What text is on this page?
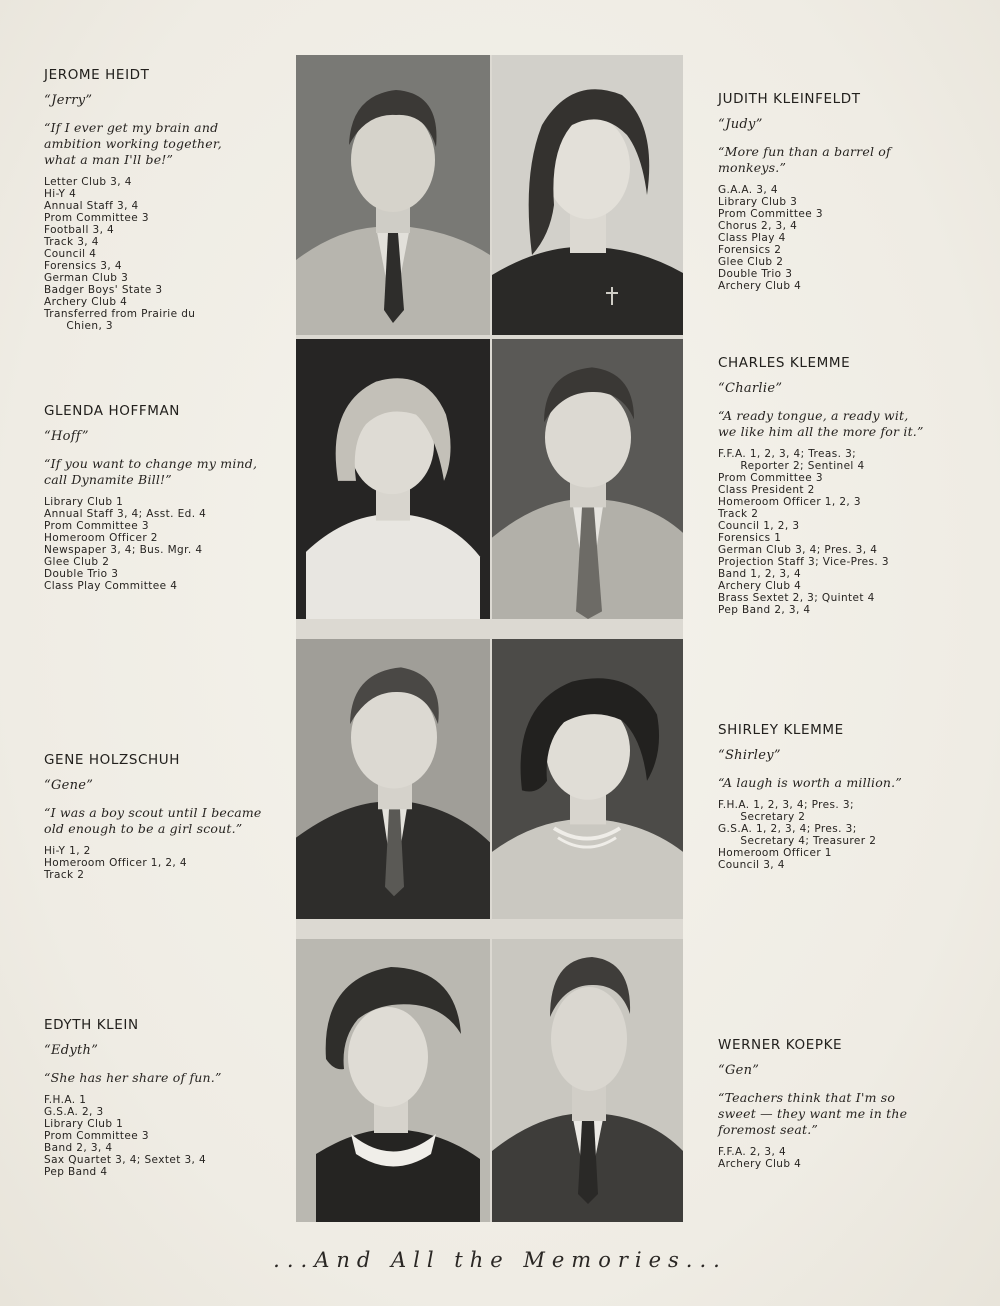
JEROME HEIDT
“Jerry”
“If I ever get my brain and
ambition working together,
what a man I'll be!”
Letter Club 3, 4
Hi-Y 4
Annual Staff 3, 4
Prom Committee 3
Football 3, 4
Track 3, 4
Council 4
Forensics 3, 4
German Club 3
Badger Boys' State 3
Archery Club 4
Transferred from Prairie du
Chien, 3
GLENDA HOFFMAN
“Hoff”
“If you want to change my mind,
call Dynamite Bill!”
Library Club 1
Annual Staff 3, 4; Asst. Ed. 4
Prom Committee 3
Homeroom Officer 2
Newspaper 3, 4; Bus. Mgr. 4
Glee Club 2
Double Trio 3
Class Play Committee 4
GENE HOLZSCHUH
“Gene”
“I was a boy scout until I became
old enough to be a girl scout.”
Hi-Y 1, 2
Homeroom Officer 1, 2, 4
Track 2
EDYTH KLEIN
“Edyth”
“She has her share of fun.”
F.H.A. 1
G.S.A. 2, 3
Library Club 1
Prom Committee 3
Band 2, 3, 4
Sax Quartet 3, 4; Sextet 3, 4
Pep Band 4
JUDITH KLEINFELDT
“Judy”
“More fun than a barrel of
monkeys.”
G.A.A. 3, 4
Library Club 3
Prom Committee 3
Chorus 2, 3, 4
Class Play 4
Forensics 2
Glee Club 2
Double Trio 3
Archery Club 4
CHARLES KLEMME
“Charlie”
“A ready tongue, a ready wit,
we like him all the more for it.”
F.F.A. 1, 2, 3, 4; Treas. 3;
Reporter 2; Sentinel 4
Prom Committee 3
Class President 2
Homeroom Officer 1, 2, 3
Track 2
Council 1, 2, 3
Forensics 1
German Club 3, 4; Pres. 3, 4
Projection Staff 3; Vice-Pres. 3
Band 1, 2, 3, 4
Archery Club 4
Brass Sextet 2, 3; Quintet 4
Pep Band 2, 3, 4
SHIRLEY KLEMME
“Shirley”
“A laugh is worth a million.”
F.H.A. 1, 2, 3, 4; Pres. 3;
Secretary 2
G.S.A. 1, 2, 3, 4; Pres. 3;
Secretary 4; Treasurer 2
Homeroom Officer 1
Council 3, 4
WERNER KOEPKE
“Gen”
“Teachers think that I'm so
sweet — they want me in the
foremost seat.”
F.F.A. 2, 3, 4
Archery Club 4
...And All the Memories...
